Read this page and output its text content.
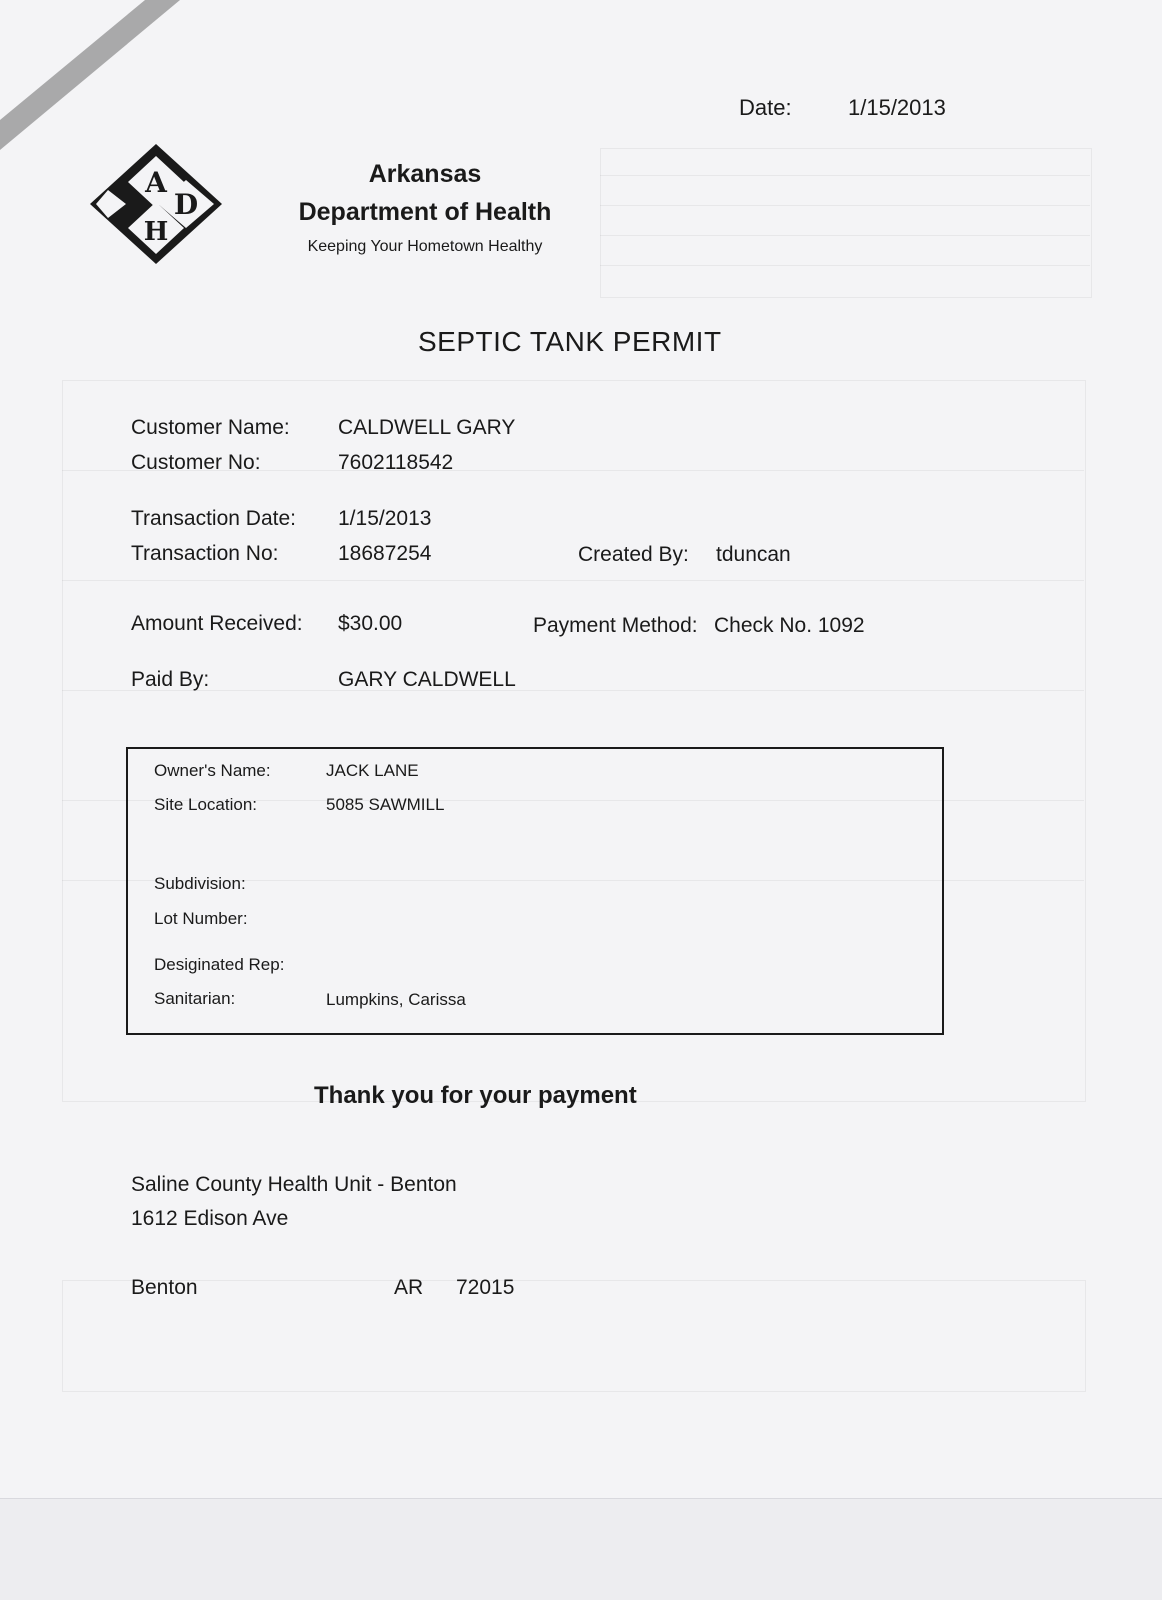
A
D
H
Arkansas
Department of Health
Keeping Your Hometown Healthy
Date:	1/15/2013
SEPTIC TANK PERMIT
Customer Name: CALDWELL GARY
Customer No:	7602118542
Transaction Date: 1/15/2013
Transaction No:	18687254	Created By: tduncan
Amount Received: $30.00	Payment Method: Check No. 1092
Paid By:	GARY CALDWELL
Owner's Name:	JACK LANE
Site Location:	5085 SAWMILL
Subdivision:
Lot Number:
Desiginated Rep:
Sanitarian:	Lumpkins, Carissa
Thank you for your payment
Saline County Health Unit - Benton
1612 Edison Ave
Benton	AR 72015
